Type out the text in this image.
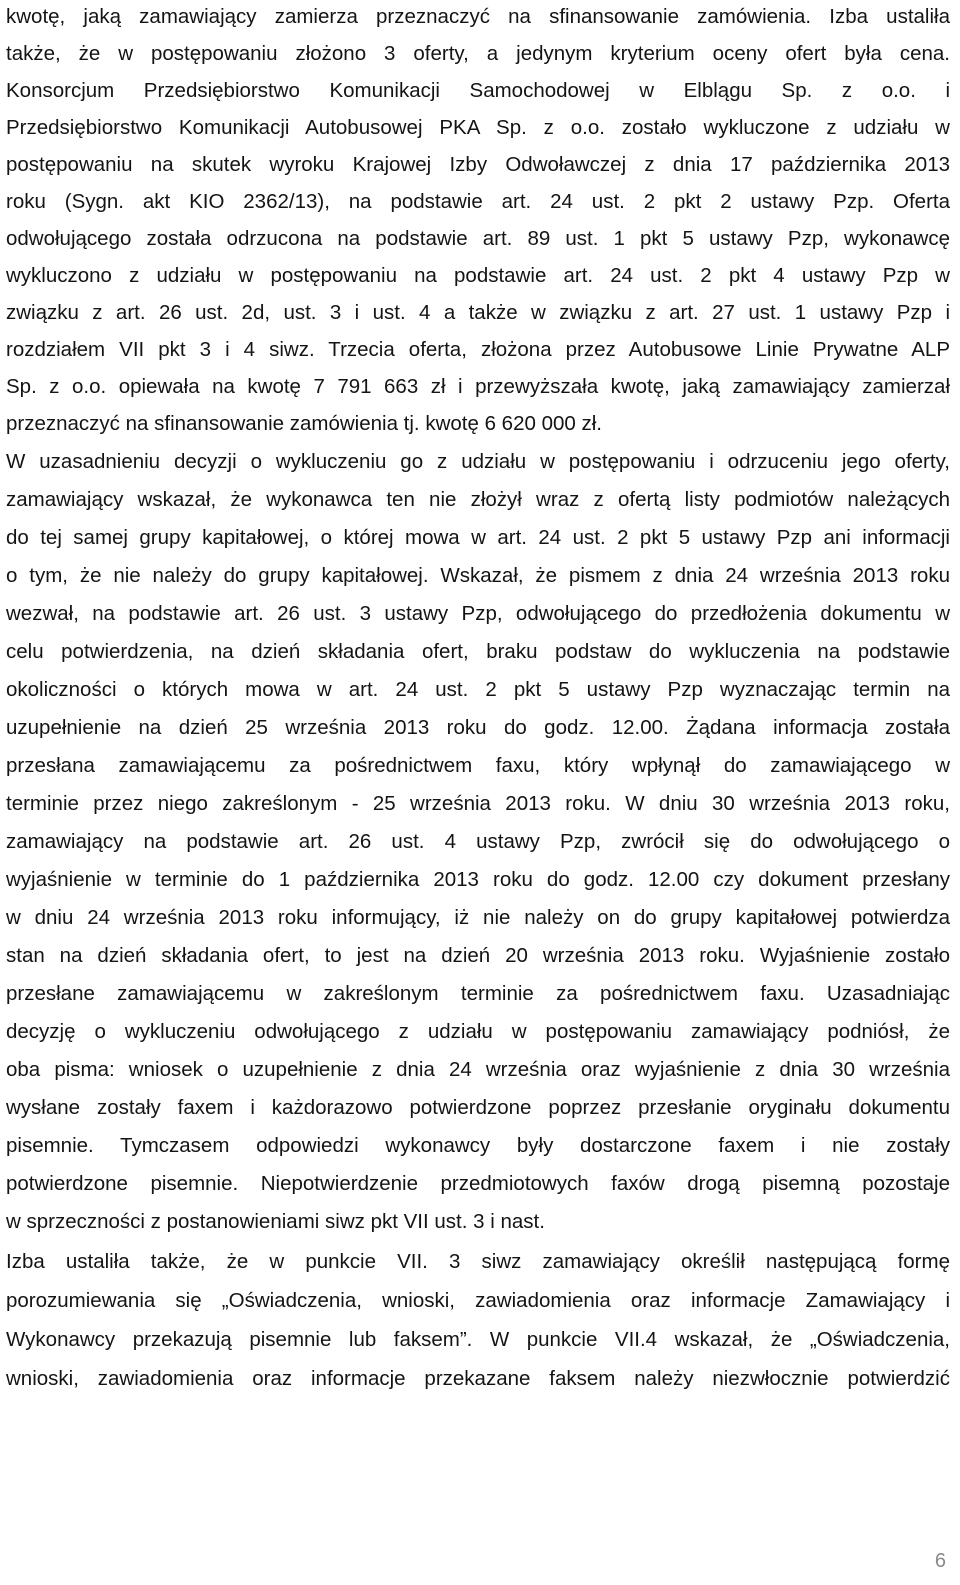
kwotę, jaką zamawiający zamierza przeznaczyć na sfinansowanie zamówienia. Izba ustaliła
także, że w postępowaniu złożono 3 oferty, a jedynym kryterium oceny ofert była cena.
Konsorcjum Przedsiębiorstwo Komunikacji Samochodowej w Elblągu Sp. z o.o. i
Przedsiębiorstwo Komunikacji Autobusowej PKA Sp. z o.o. zostało wykluczone z udziału w
postępowaniu na skutek wyroku Krajowej Izby Odwoławczej z dnia 17 października 2013
roku (Sygn. akt KIO 2362/13), na podstawie art. 24 ust. 2 pkt 2 ustawy Pzp. Oferta
odwołującego została odrzucona na podstawie art. 89 ust. 1 pkt 5 ustawy Pzp, wykonawcę
wykluczono z udziału w postępowaniu na podstawie art. 24 ust. 2 pkt 4 ustawy Pzp w
związku z art. 26 ust. 2d, ust. 3 i ust. 4 a także w związku z art. 27 ust. 1 ustawy Pzp i
rozdziałem VII pkt 3 i 4 siwz. Trzecia oferta, złożona przez Autobusowe Linie Prywatne ALP
Sp. z o.o. opiewała na kwotę 7 791 663 zł i przewyższała kwotę, jaką zamawiający zamierzał
przeznaczyć na sfinansowanie zamówienia tj. kwotę 6 620 000 zł.
W uzasadnieniu decyzji o wykluczeniu go z udziału w postępowaniu i odrzuceniu jego oferty,
zamawiający wskazał, że wykonawca ten nie złożył wraz z ofertą listy podmiotów należących
do tej samej grupy kapitałowej, o której mowa w art. 24 ust. 2 pkt 5 ustawy Pzp ani informacji
o tym, że nie należy do grupy kapitałowej. Wskazał, że pismem z dnia 24 września 2013 roku
wezwał, na podstawie art. 26 ust. 3 ustawy Pzp, odwołującego do przedłożenia dokumentu w
celu potwierdzenia, na dzień składania ofert, braku podstaw do wykluczenia na podstawie
okoliczności o których mowa w art. 24 ust. 2 pkt 5 ustawy Pzp wyznaczając termin na
uzupełnienie na dzień 25 września 2013 roku do godz. 12.00. Żądana informacja została
przesłana zamawiającemu za pośrednictwem faxu, który wpłynął do zamawiającego w
terminie przez niego zakreślonym - 25 września 2013 roku. W dniu 30 września 2013 roku,
zamawiający na podstawie art. 26 ust. 4 ustawy Pzp, zwrócił się do odwołującego o
wyjaśnienie w terminie do 1 października 2013 roku do godz. 12.00 czy dokument przesłany
w dniu 24 września 2013 roku informujący, iż nie należy on do grupy kapitałowej potwierdza
stan na dzień składania ofert, to jest na dzień 20 września 2013 roku. Wyjaśnienie zostało
przesłane zamawiającemu w zakreślonym terminie za pośrednictwem faxu. Uzasadniając
decyzję o wykluczeniu odwołującego z udziału w postępowaniu zamawiający podniósł, że
oba pisma: wniosek o uzupełnienie z dnia 24 września oraz wyjaśnienie z dnia 30 września
wysłane zostały faxem i każdorazowo potwierdzone poprzez przesłanie oryginału dokumentu
pisemnie. Tymczasem odpowiedzi wykonawcy były dostarczone faxem i nie zostały
potwierdzone pisemnie. Niepotwierdzenie przedmiotowych faxów drogą pisemną pozostaje
w sprzeczności z postanowieniami siwz pkt VII ust. 3 i nast.
Izba ustaliła także, że w punkcie VII. 3 siwz zamawiający określił następującą formę
porozumiewania się „Oświadczenia, wnioski, zawiadomienia oraz informacje Zamawiający i
Wykonawcy przekazują pisemnie lub faksem”. W punkcie VII.4 wskazał, że „Oświadczenia,
wnioski, zawiadomienia oraz informacje przekazane faksem należy niezwłocznie potwierdzić
6
